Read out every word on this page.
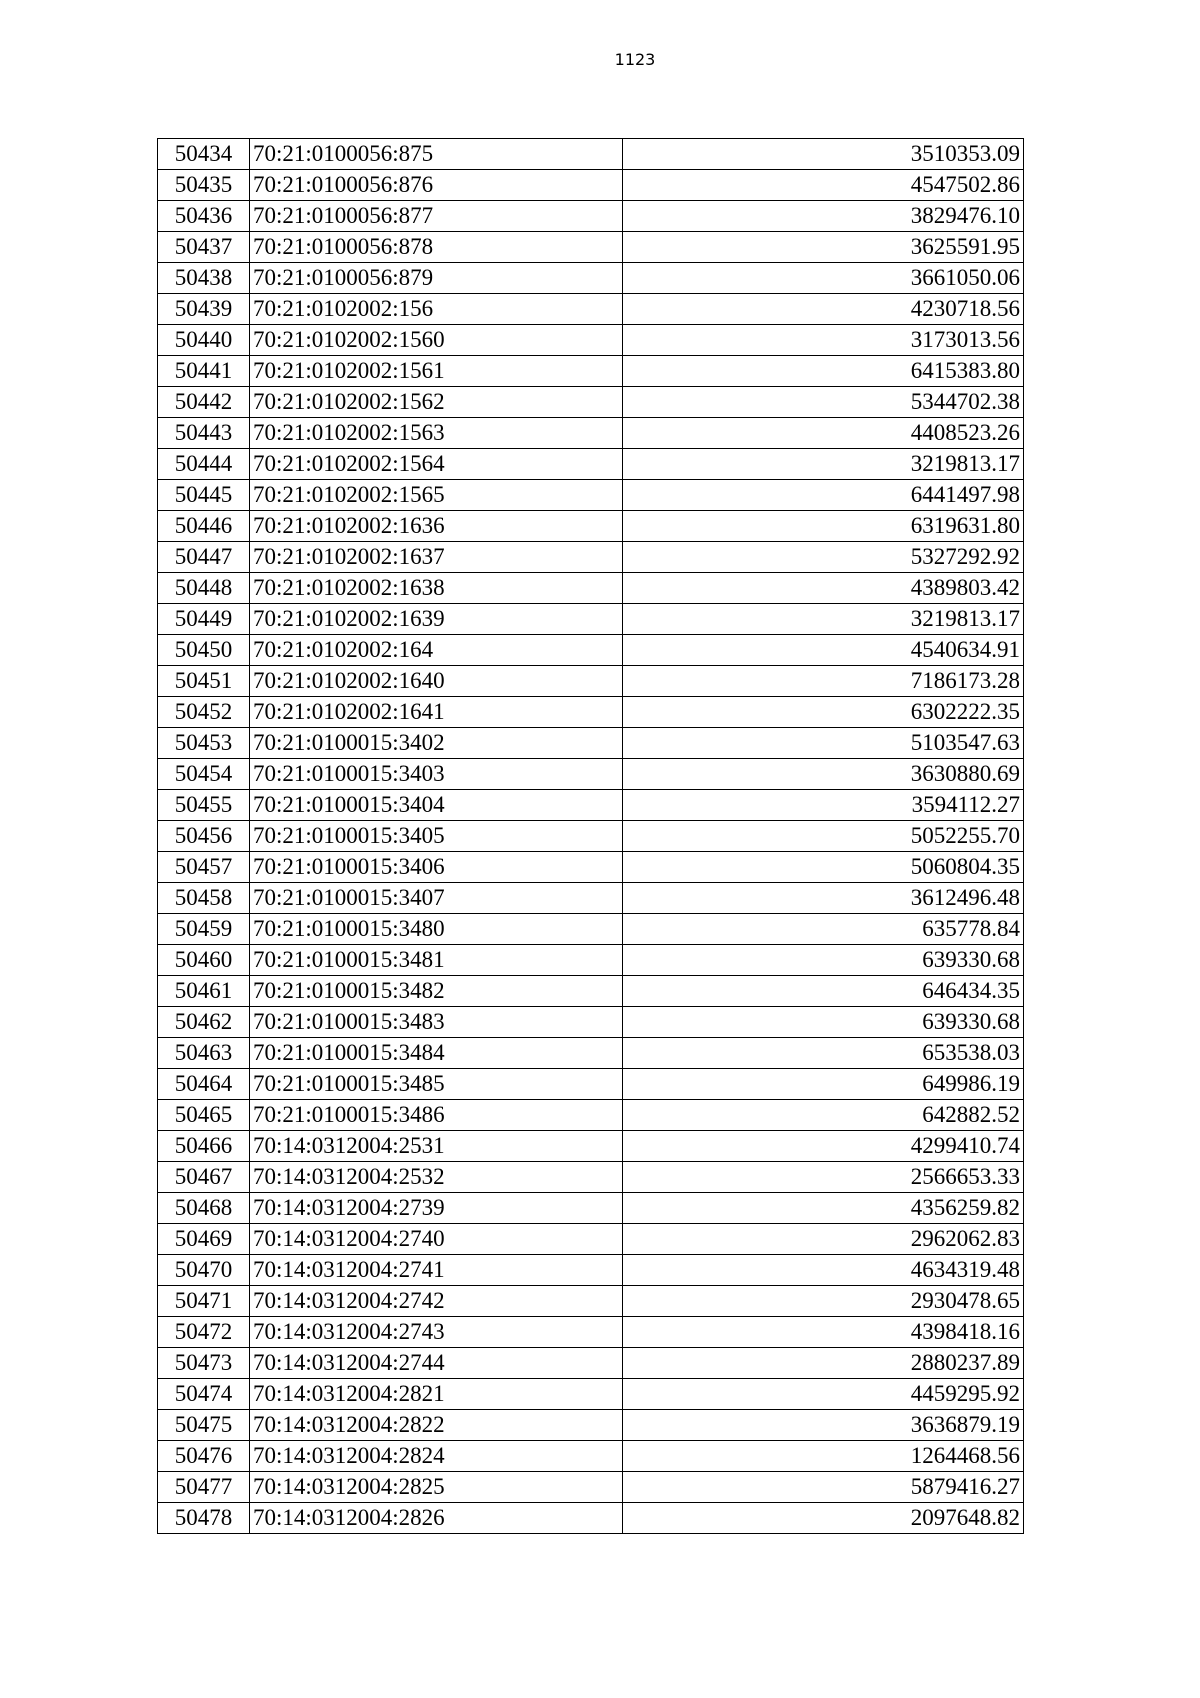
1123
50434	70:21:0100056:875	3510353.09
50435	70:21:0100056:876	4547502.86
50436	70:21:0100056:877	3829476.10
50437	70:21:0100056:878	3625591.95
50438	70:21:0100056:879	3661050.06
50439	70:21:0102002:156	4230718.56
50440	70:21:0102002:1560	3173013.56
50441	70:21:0102002:1561	6415383.80
50442	70:21:0102002:1562	5344702.38
50443	70:21:0102002:1563	4408523.26
50444	70:21:0102002:1564	3219813.17
50445	70:21:0102002:1565	6441497.98
50446	70:21:0102002:1636	6319631.80
50447	70:21:0102002:1637	5327292.92
50448	70:21:0102002:1638	4389803.42
50449	70:21:0102002:1639	3219813.17
50450	70:21:0102002:164	4540634.91
50451	70:21:0102002:1640	7186173.28
50452	70:21:0102002:1641	6302222.35
50453	70:21:0100015:3402	5103547.63
50454	70:21:0100015:3403	3630880.69
50455	70:21:0100015:3404	3594112.27
50456	70:21:0100015:3405	5052255.70
50457	70:21:0100015:3406	5060804.35
50458	70:21:0100015:3407	3612496.48
50459	70:21:0100015:3480	635778.84
50460	70:21:0100015:3481	639330.68
50461	70:21:0100015:3482	646434.35
50462	70:21:0100015:3483	639330.68
50463	70:21:0100015:3484	653538.03
50464	70:21:0100015:3485	649986.19
50465	70:21:0100015:3486	642882.52
50466	70:14:0312004:2531	4299410.74
50467	70:14:0312004:2532	2566653.33
50468	70:14:0312004:2739	4356259.82
50469	70:14:0312004:2740	2962062.83
50470	70:14:0312004:2741	4634319.48
50471	70:14:0312004:2742	2930478.65
50472	70:14:0312004:2743	4398418.16
50473	70:14:0312004:2744	2880237.89
50474	70:14:0312004:2821	4459295.92
50475	70:14:0312004:2822	3636879.19
50476	70:14:0312004:2824	1264468.56
50477	70:14:0312004:2825	5879416.27
50478	70:14:0312004:2826	2097648.82
